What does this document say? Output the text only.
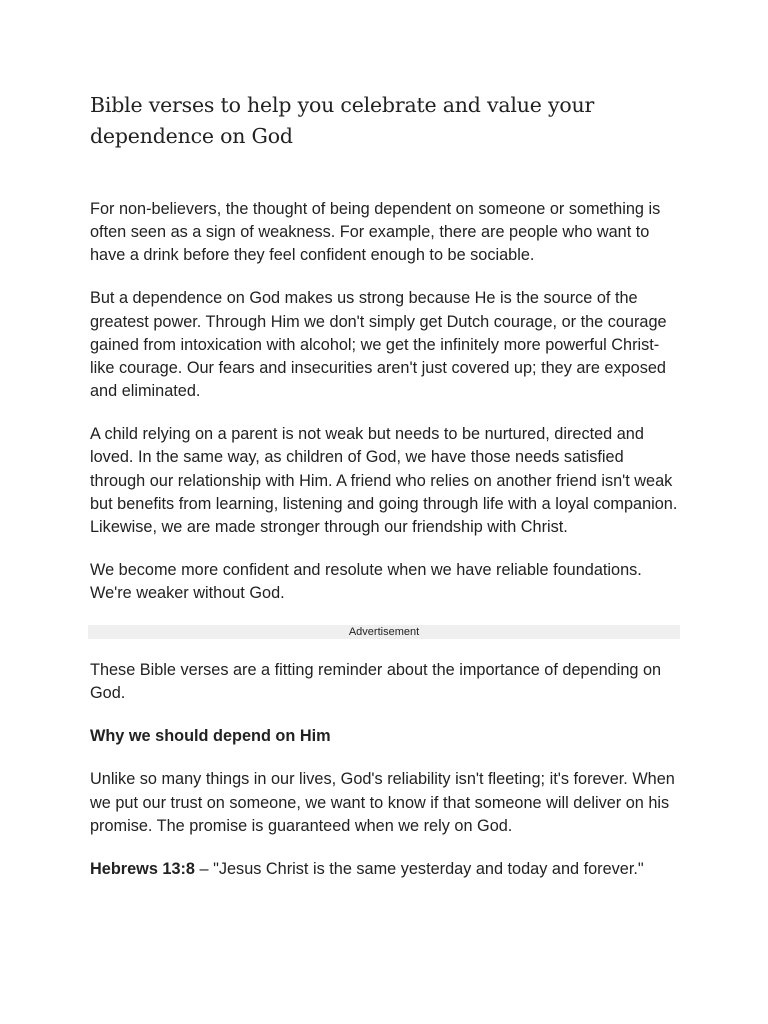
Bible verses to help you celebrate and value your dependence on God

For non-believers, the thought of being dependent on someone or something is often seen as a sign of weakness. For example, there are people who want to have a drink before they feel confident enough to be sociable.

But a dependence on God makes us strong because He is the source of the greatest power. Through Him we don't simply get Dutch courage, or the courage gained from intoxication with alcohol; we get the infinitely more powerful Christ-like courage. Our fears and insecurities aren't just covered up; they are exposed and eliminated.

A child relying on a parent is not weak but needs to be nurtured, directed and loved. In the same way, as children of God, we have those needs satisfied through our relationship with Him. A friend who relies on another friend isn't weak but benefits from learning, listening and going through life with a loyal companion. Likewise, we are made stronger through our friendship with Christ.

We become more confident and resolute when we have reliable foundations. We're weaker without God.

Advertisement

These Bible verses are a fitting reminder about the importance of depending on God.

Why we should depend on Him

Unlike so many things in our lives, God's reliability isn't fleeting; it's forever. When we put our trust on someone, we want to know if that someone will deliver on his promise. The promise is guaranteed when we rely on God.

Hebrews 13:8 – "Jesus Christ is the same yesterday and today and forever."
